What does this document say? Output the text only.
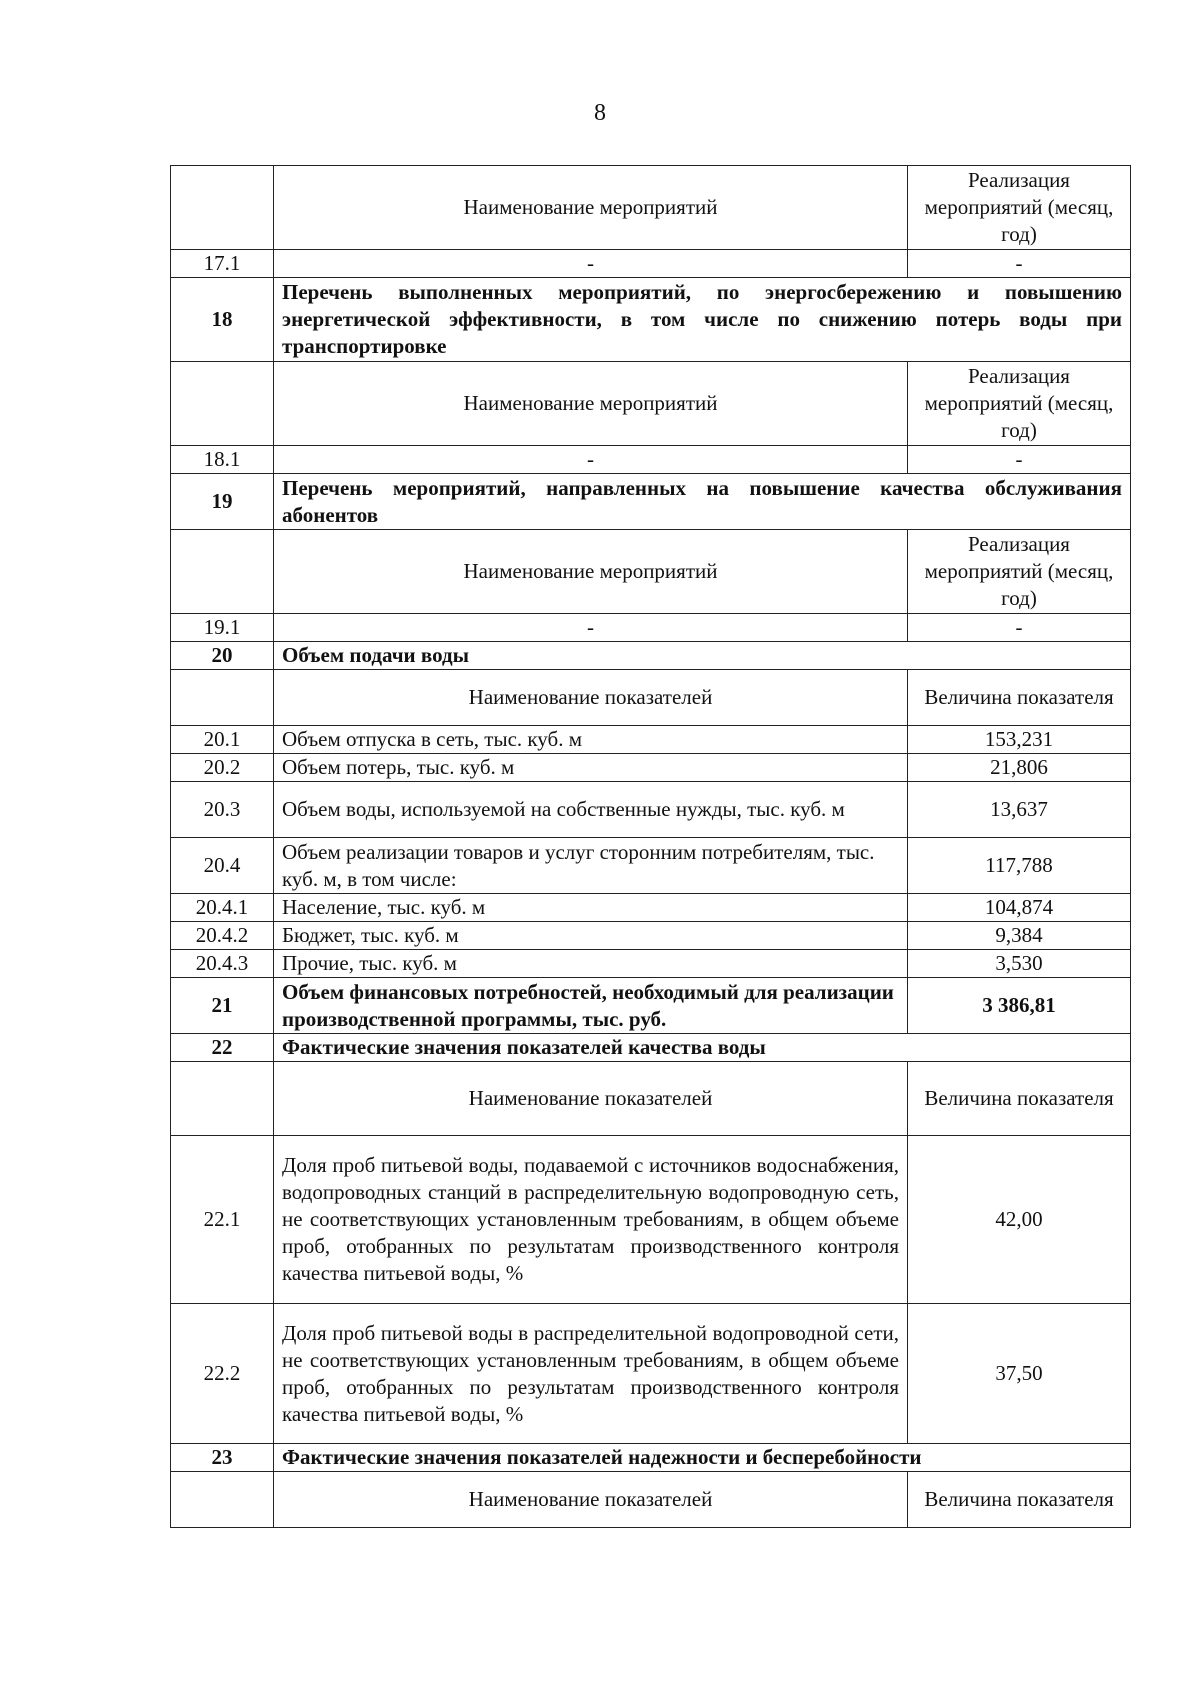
8
	Наименование мероприятий	Реализация мероприятий (месяц, год)
17.1	-	-
18	Перечень выполненных мероприятий, по энергосбережению и повышению энергетической эффективности, в том числе по снижению потерь воды при транспортировке	
	Наименование мероприятий	Реализация мероприятий (месяц, год)
18.1	-	-
19	Перечень мероприятий, направленных на повышение качества обслуживания абонентов	
	Наименование мероприятий	Реализация мероприятий (месяц, год)
19.1	-	-
20	Объем подачи воды	
	Наименование показателей	Величина показателя
20.1	Объем отпуска в сеть, тыс. куб. м	153,231
20.2	Объем потерь, тыс. куб. м	21,806
20.3	Объем воды, используемой на собственные нужды, тыс. куб. м	13,637
20.4	Объем реализации товаров и услуг сторонним потребителям, тыс. куб. м, в том числе:	117,788
20.4.1	Население, тыс. куб. м	104,874
20.4.2	Бюджет, тыс. куб. м	9,384
20.4.3	Прочие, тыс. куб. м	3,530
21	Объем финансовых потребностей, необходимый для реализации производственной программы, тыс. руб.	3 386,81
22	Фактические значения показателей качества воды	
	Наименование показателей	Величина показателя
22.1	Доля проб питьевой воды, подаваемой с источников водоснабжения, водопроводных станций в распределительную водопроводную сеть, не соответствующих установленным требованиям, в общем объеме проб, отобранных по результатам производственного контроля качества питьевой воды, %	42,00
22.2	Доля проб питьевой воды в распределительной водопроводной сети, не соответствующих установленным требованиям, в общем объеме проб, отобранных по результатам производственного контроля качества питьевой воды, %	37,50
23	Фактические значения показателей надежности и бесперебойности	
	Наименование показателей	Величина показателя
